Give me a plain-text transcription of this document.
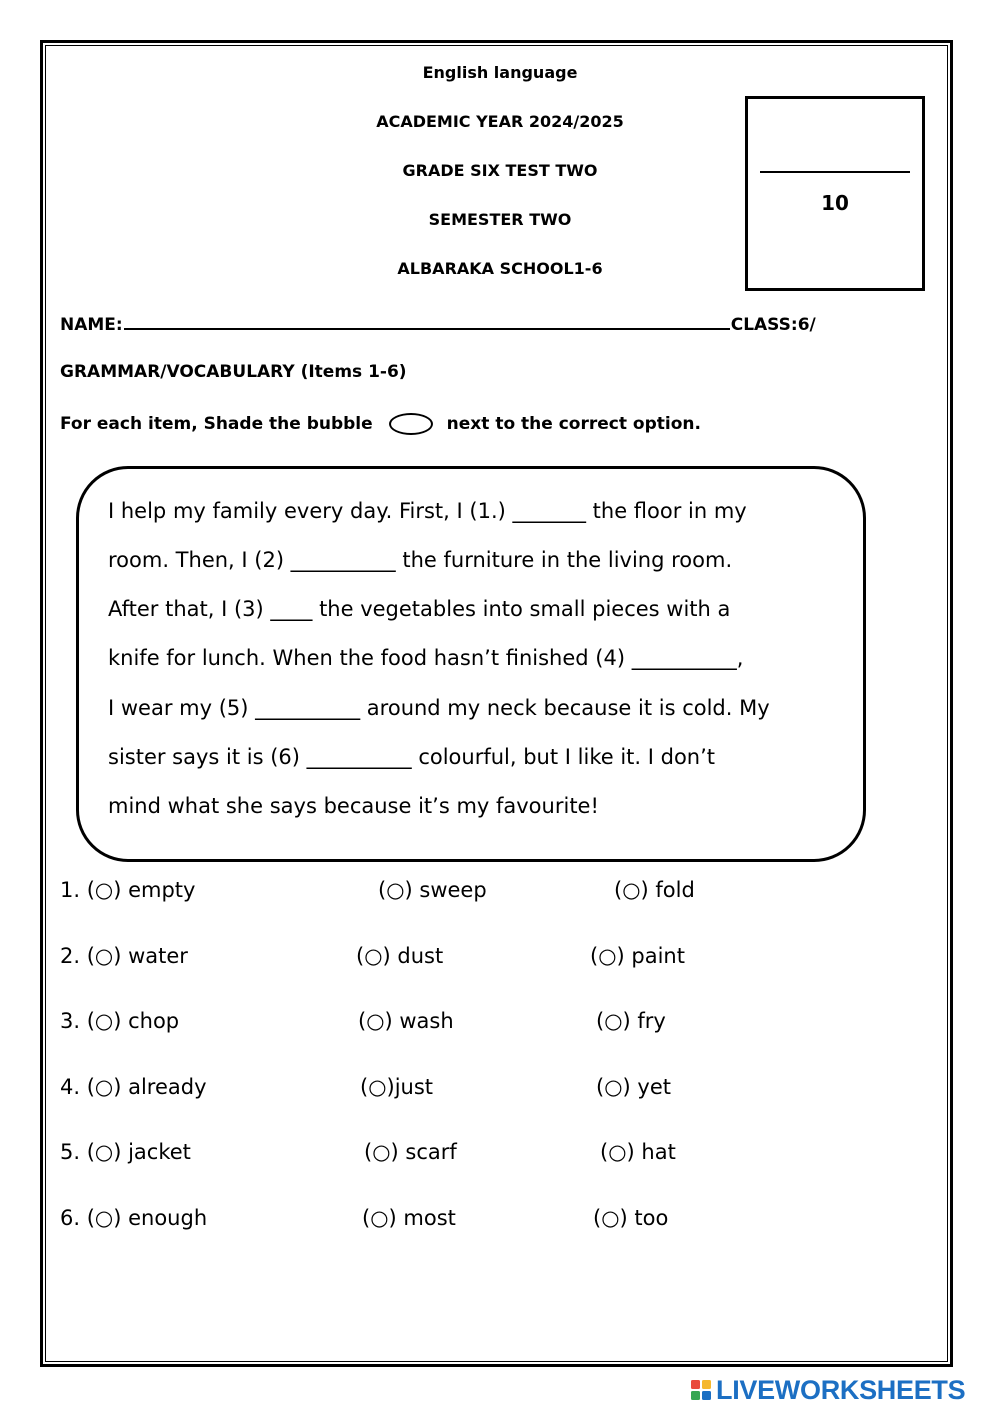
English language
ACADEMIC YEAR 2024/2025
GRADE SIX TEST TWO
SEMESTER TWO
ALBARAKA SCHOOL1-6
10
NAME:	CLASS:6/
GRAMMAR/VOCABULARY (Items 1-6)
For each item, Shade the bubble	next to the correct option.
I help my family every day. First, I (1.) _______ the floor in my
room. Then, I (2) __________ the furniture in the living room.
After that, I (3) ____ the vegetables into small pieces with a
knife for lunch. When the food hasn’t finished (4) __________,
I wear my (5) __________ around my neck because it is cold. My
sister says it is (6) __________ colourful, but I like it. I don’t
mind what she says because it’s my favourite!
1. (○) empty	(○) sweep	(○) fold
2. (○) water	(○) dust	(○) paint
3. (○) chop	(○) wash	(○) fry
4. (○) already	(○)just	(○) yet
5. (○) jacket	(○) scarf	(○) hat
6. (○) enough	(○) most	(○) too
LIVEWORKSHEETS
